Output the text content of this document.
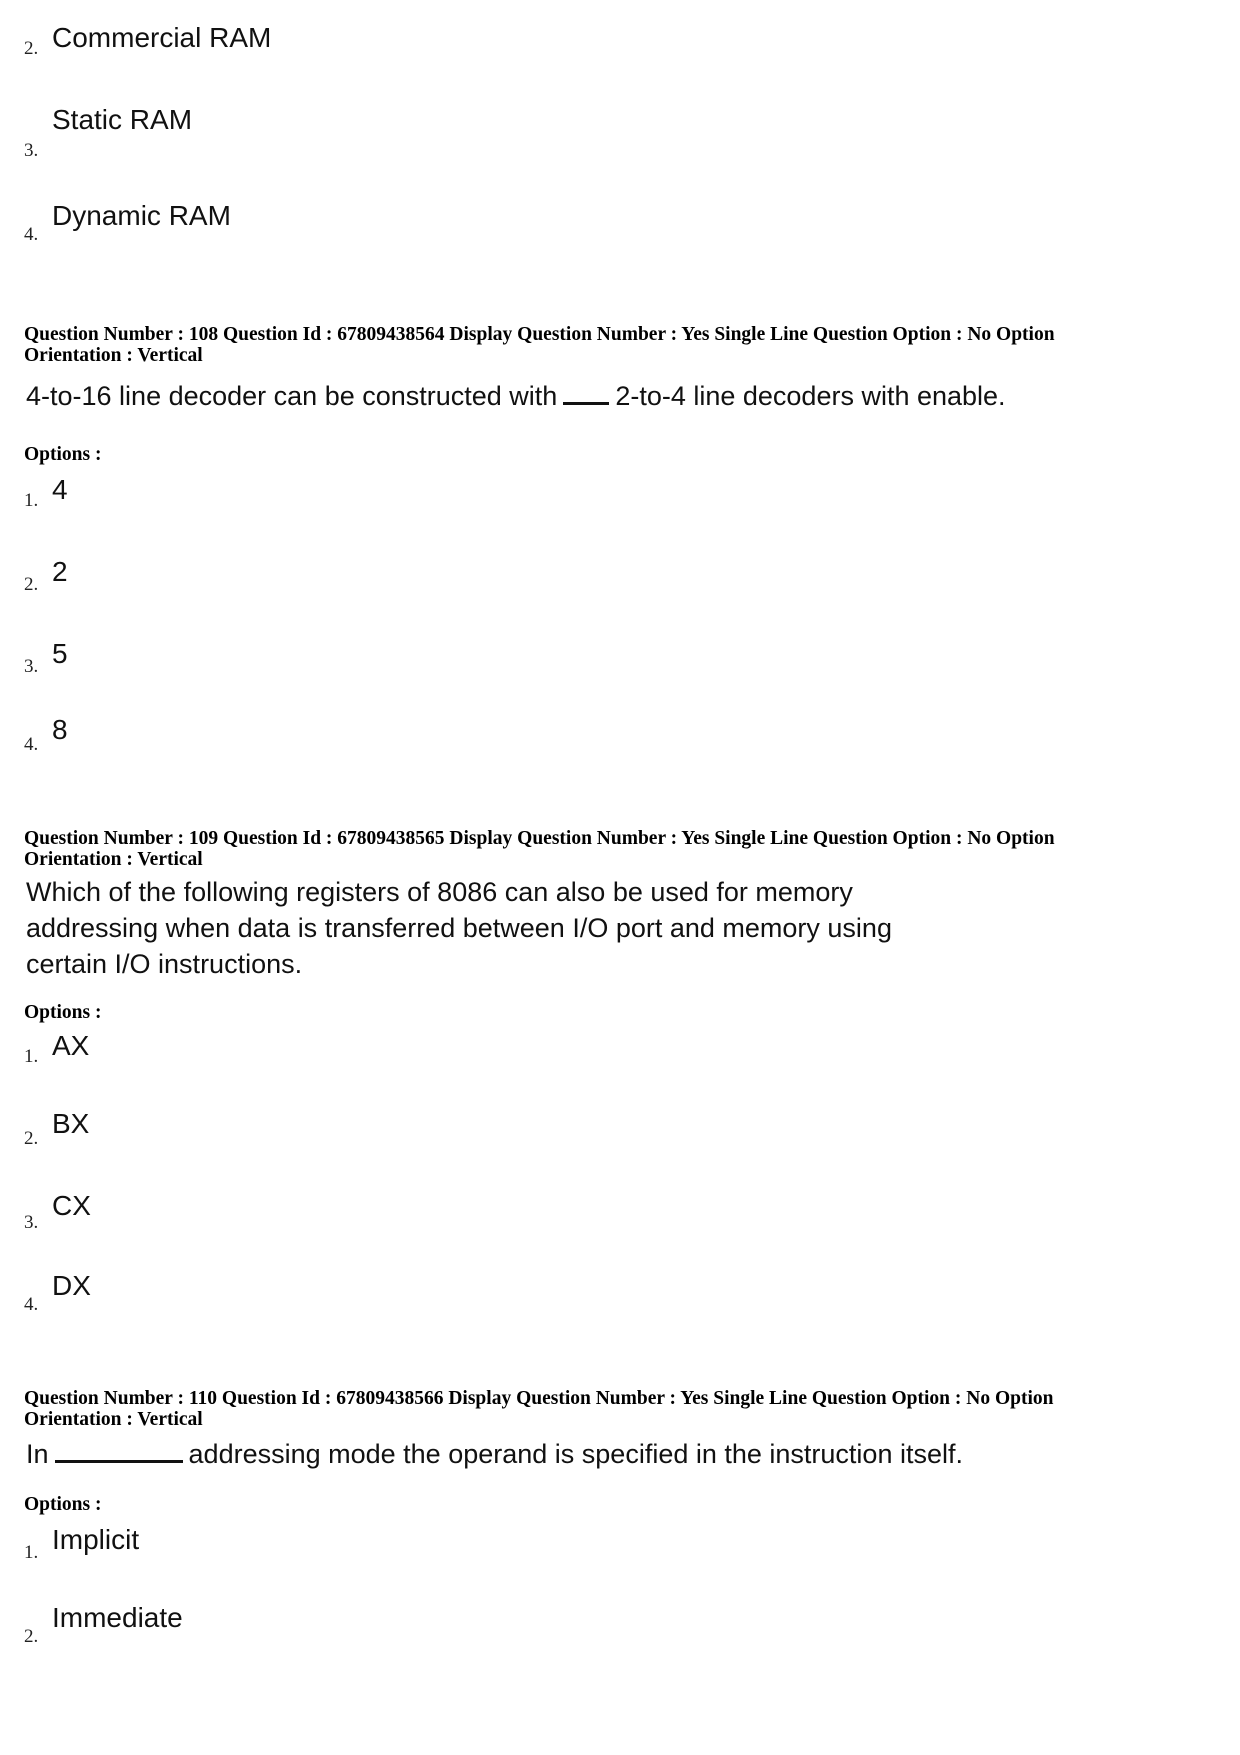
2. Commercial RAM
3.
Static RAM
4.
Dynamic RAM
Question Number : 108 Question Id : 67809438564 Display Question Number : Yes Single Line Question Option : No Option
Orientation : Vertical
4-to-16 line decoder can be constructed with 2-to-4 line decoders with enable.
Options :
1. 4
2. 2
3. 5
4. 8
Question Number : 109 Question Id : 67809438565 Display Question Number : Yes Single Line Question Option : No Option
Orientation : Vertical
Which of the following registers of 8086 can also be used for memory
addressing when data is transferred between I/O port and memory using
certain I/O instructions.
Options :
1. AX
2. BX
3.
CX
4.
DX
Question Number : 110 Question Id : 67809438566 Display Question Number : Yes Single Line Question Option : No Option
Orientation : Vertical
In	addressing mode the operand is specified in the instruction itself.
Options :
1. Implicit
2.
Immediate
